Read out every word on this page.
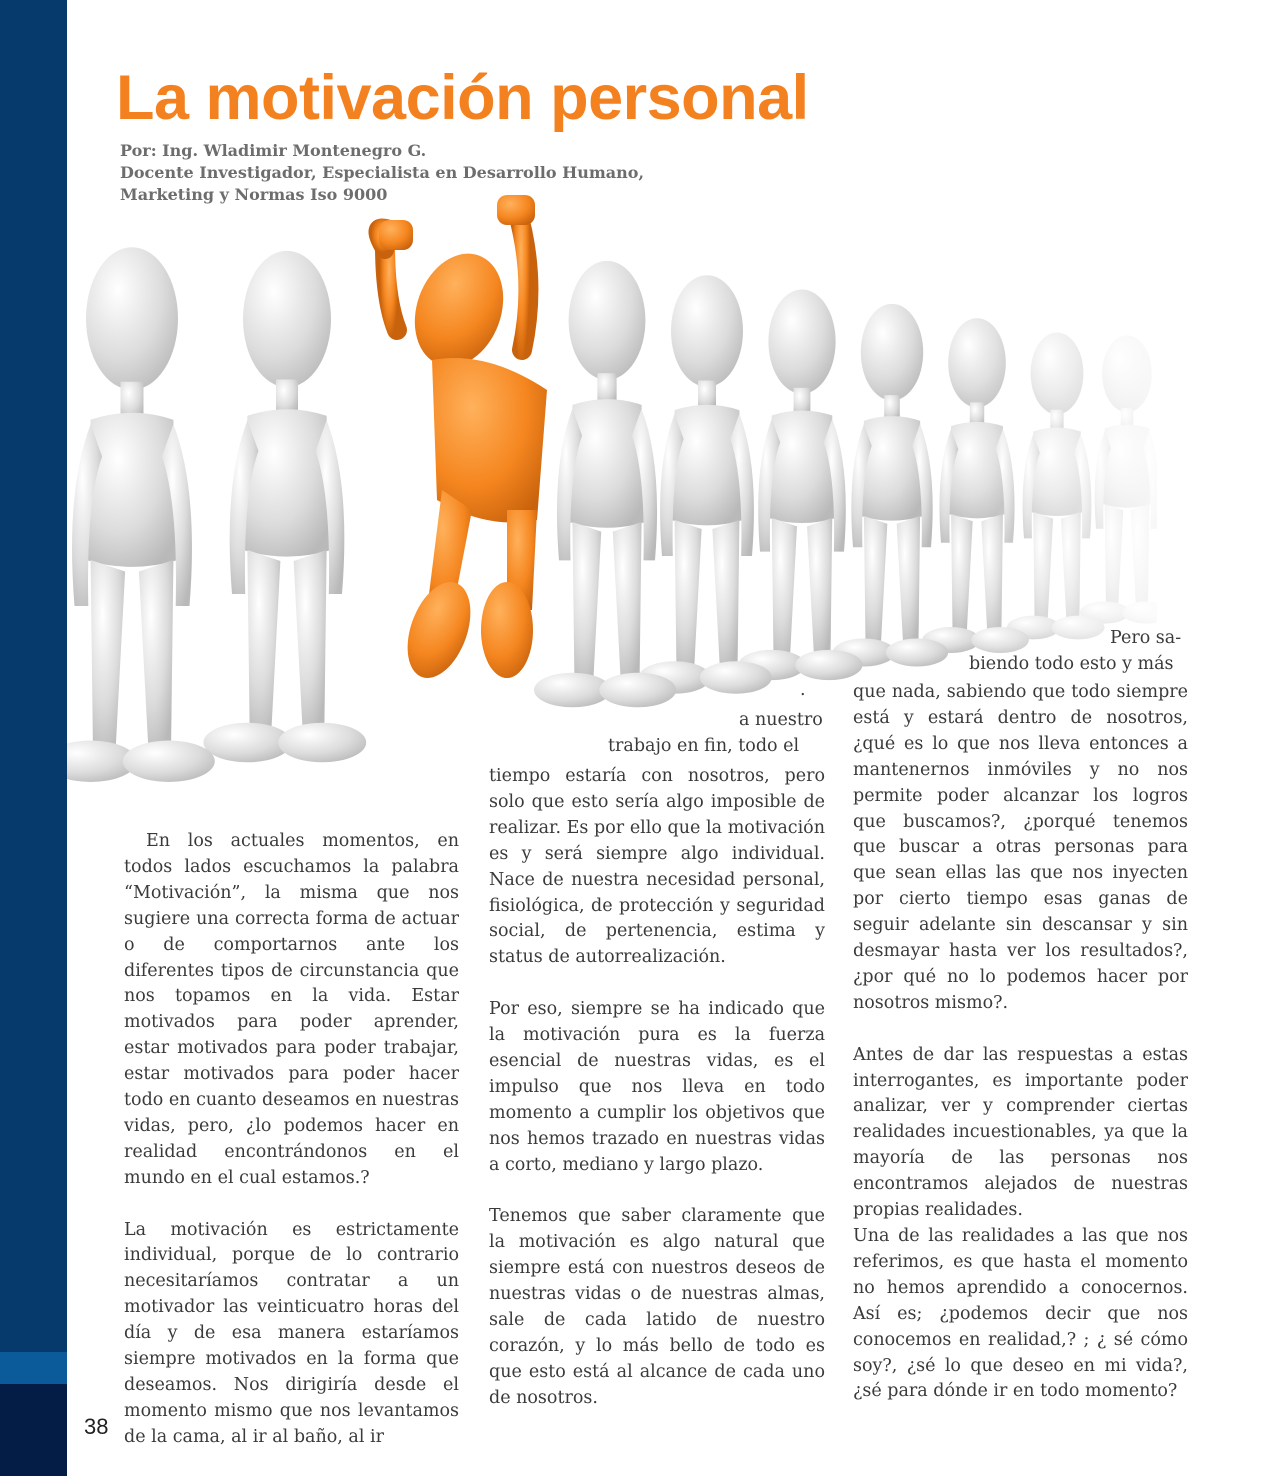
38
La motivación personal
Por: Ing. Wladimir Montenegro G.
Docente Investigador, Especialista en Desarrollo Humano,
Pero sa-
biendo todo esto y más
.
a nuestro
trabajo en fin, todo el

En los actuales momentos, en todos lados escuchamos la palabra “Motivación”, la misma que nos sugiere una correcta forma de actuar o de comportarnos ante los diferentes tipos de circunstancia que nos topamos en la vida. Estar motivados para poder aprender, estar motivados para poder trabajar, estar motivados para poder hacer todo en cuanto deseamos en nuestras vidas, pero, ¿lo podemos hacer en realidad encontrándonos en el mundo en el cual estamos.?

La motivación es estrictamente individual, porque de lo contrario necesitaríamos contratar a un motivador las veinticuatro horas del día y de esa manera estaríamos siempre motivados en la forma que deseamos. Nos dirigiría desde el momento mismo que nos levantamos de la cama, al ir al baño, al ir

tiempo estaría con nosotros, pero solo que esto sería algo imposible de realizar. Es por ello que la motivación es y será siempre algo individual. Nace de nuestra necesidad personal, fisiológica, de protección y seguridad social, de pertenencia, estima y status de autorrealización.

Por eso, siempre se ha indicado que la motivación pura es la fuerza esencial de nuestras vidas, es el impulso que nos lleva en todo momento a cumplir los objetivos que nos hemos trazado en nuestras vidas a corto, mediano y largo plazo.

Tenemos que saber claramente que la motivación es algo natural que siempre está con nuestros deseos de nuestras vidas o de nuestras almas, sale de cada latido de nuestro corazón, y lo más bello de todo es que esto está al alcance de cada uno de nosotros.

que nada, sabiendo que todo siempre está y estará dentro de nosotros, ¿qué es lo que nos lleva entonces a mantenernos inmóviles y no nos permite poder alcanzar los logros que buscamos?, ¿porqué tenemos que buscar a otras personas para que sean ellas las que nos inyecten por cierto tiempo esas ganas de seguir adelante sin descansar y sin desmayar hasta ver los resultados?, ¿por qué no lo podemos hacer por nosotros mismo?.

Antes de dar las respuestas a estas interrogantes, es importante poder analizar, ver y comprender ciertas realidades incuestionables, ya que la mayoría de las personas nos encontramos alejados de nuestras propias realidades.

Una de las realidades a las que nos referimos, es que hasta el momento no hemos aprendido a conocernos. Así es; ¿podemos decir que nos conocemos en realidad,? ; ¿ sé cómo soy?, ¿sé lo que deseo en mi vida?, ¿sé para dónde ir en todo momento?
